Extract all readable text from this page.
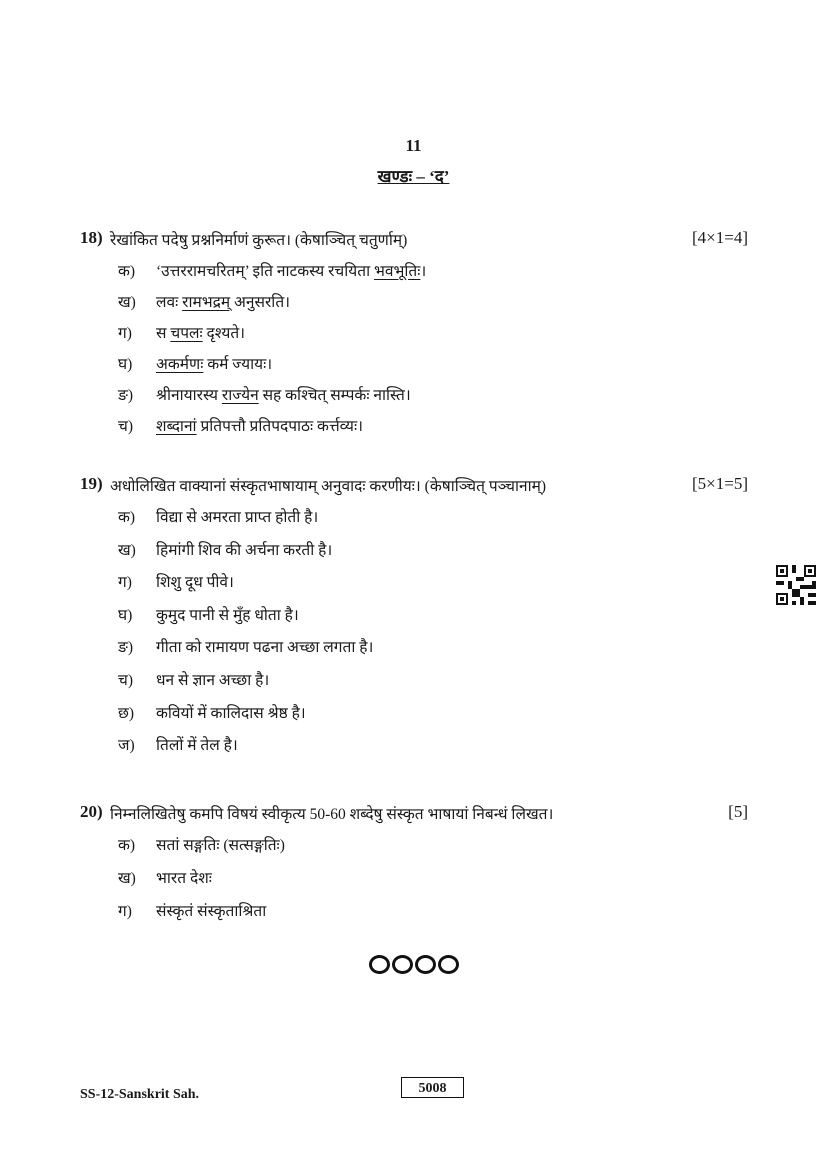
11
खण्डः – ‘द’
18) रेखांकित पदेषु प्रश्ननिर्माणं कुरूत। (केषाञ्चित् चतुर्णाम्)	[4×1=4]
क)	‘उत्तररामचरितम्’ इति नाटकस्य रचयिता भवभूतिः।
ख)	लवः रामभद्रम् अनुसरति।
ग)	स चपलः दृश्यते।
घ)	अकर्मणः कर्म ज्यायः।
ङ)	श्रीनायारस्य राज्येन सह कश्चित् सम्पर्कः नास्ति।
च)	शब्दानां प्रतिपत्तौ प्रतिपदपाठः कर्त्तव्यः।
19) अधोलिखित वाक्यानां संस्कृतभाषायाम् अनुवादः करणीयः। (केषाञ्चित् पञ्चानाम्)	[5×1=5]
क)	विद्या से अमरता प्राप्त होती है।
ख)	हिमांगी शिव की अर्चना करती है।
ग)	शिशु दूध पीवे।
घ)	कुमुद पानी से मुँह धोता है।
ङ)	गीता को रामायण पढना अच्छा लगता है।
च)	धन से ज्ञान अच्छा है।
छ)	कवियों में कालिदास श्रेष्ठ है।
ज)	तिलों में तेल है।
20) निम्नलिखितेषु कमपि विषयं स्वीकृत्य 50-60 शब्देषु संस्कृत भाषायां निबन्धं लिखत।	[5]
क)	सतां सङ्गतिः (सत्सङ्गतिः)
ख)	भारत देशः
ग)	संस्कृतं संस्कृताश्रिता
SS-12-Sanskrit Sah.	5008
